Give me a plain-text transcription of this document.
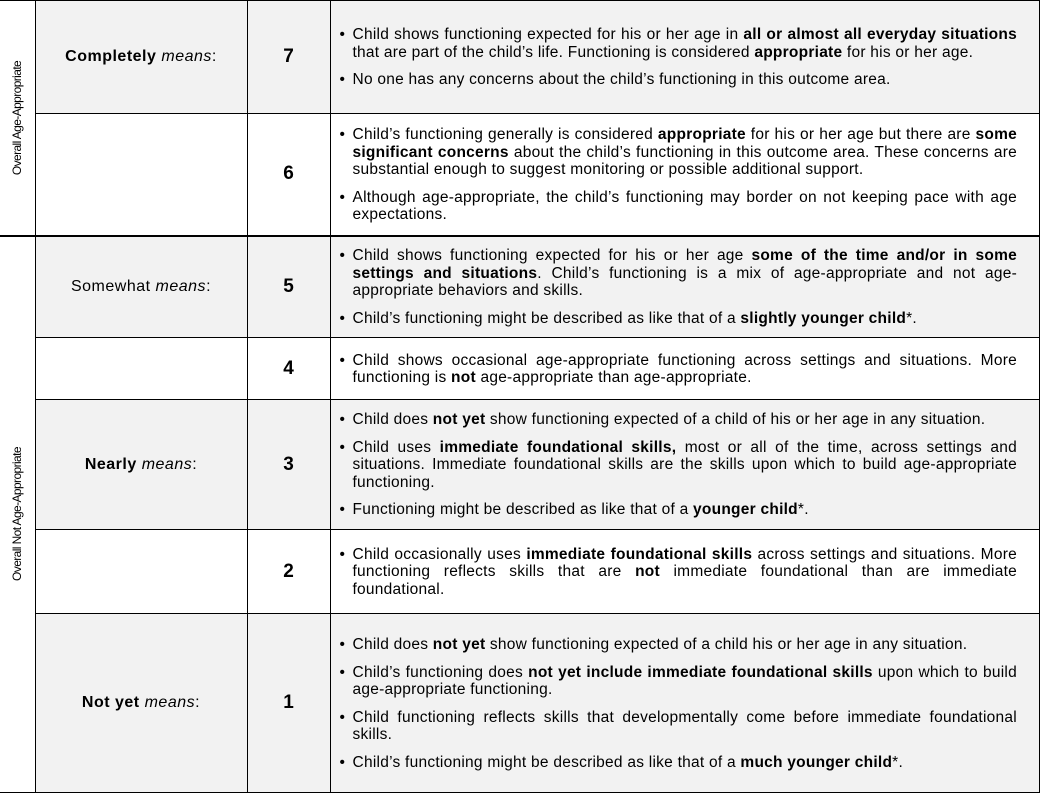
Overall Age-Appropriate	Completely means:	7	• Child shows functioning expected for his or her age in all or almost all everyday situations that are part of the child’s life. Functioning is considered appropriate for his or her age.
• No one has any concerns about the child’s functioning in this outcome area.

		6	• Child’s functioning generally is considered appropriate for his or her age but there are some significant concerns about the child’s functioning in this outcome area. These concerns are substantial enough to suggest monitoring or possible additional support.
• Although age-appropriate, the child’s functioning may border on not keeping pace with age expectations.

Overall Not Age-Appropriate	Somewhat means:	5	• Child shows functioning expected for his or her age some of the time and/or in some settings and situations. Child’s functioning is a mix of age-appropriate and not age-appropriate behaviors and skills.
• Child’s functioning might be described as like that of a slightly younger child*.

		4	• Child shows occasional age-appropriate functioning across settings and situations. More functioning is not age-appropriate than age-appropriate.

	Nearly means:	3	• Child does not yet show functioning expected of a child of his or her age in any situation.
• Child uses immediate foundational skills, most or all of the time, across settings and situations. Immediate foundational skills are the skills upon which to build age-appropriate functioning.
• Functioning might be described as like that of a younger child*.

		2	• Child occasionally uses immediate foundational skills across settings and situations. More functioning reflects skills that are not immediate foundational than are immediate foundational.

	Not yet means:	1	• Child does not yet show functioning expected of a child his or her age in any situation.
• Child’s functioning does not yet include immediate foundational skills upon which to build age-appropriate functioning.
• Child functioning reflects skills that developmentally come before immediate foundational skills.
• Child’s functioning might be described as like that of a much younger child*.
